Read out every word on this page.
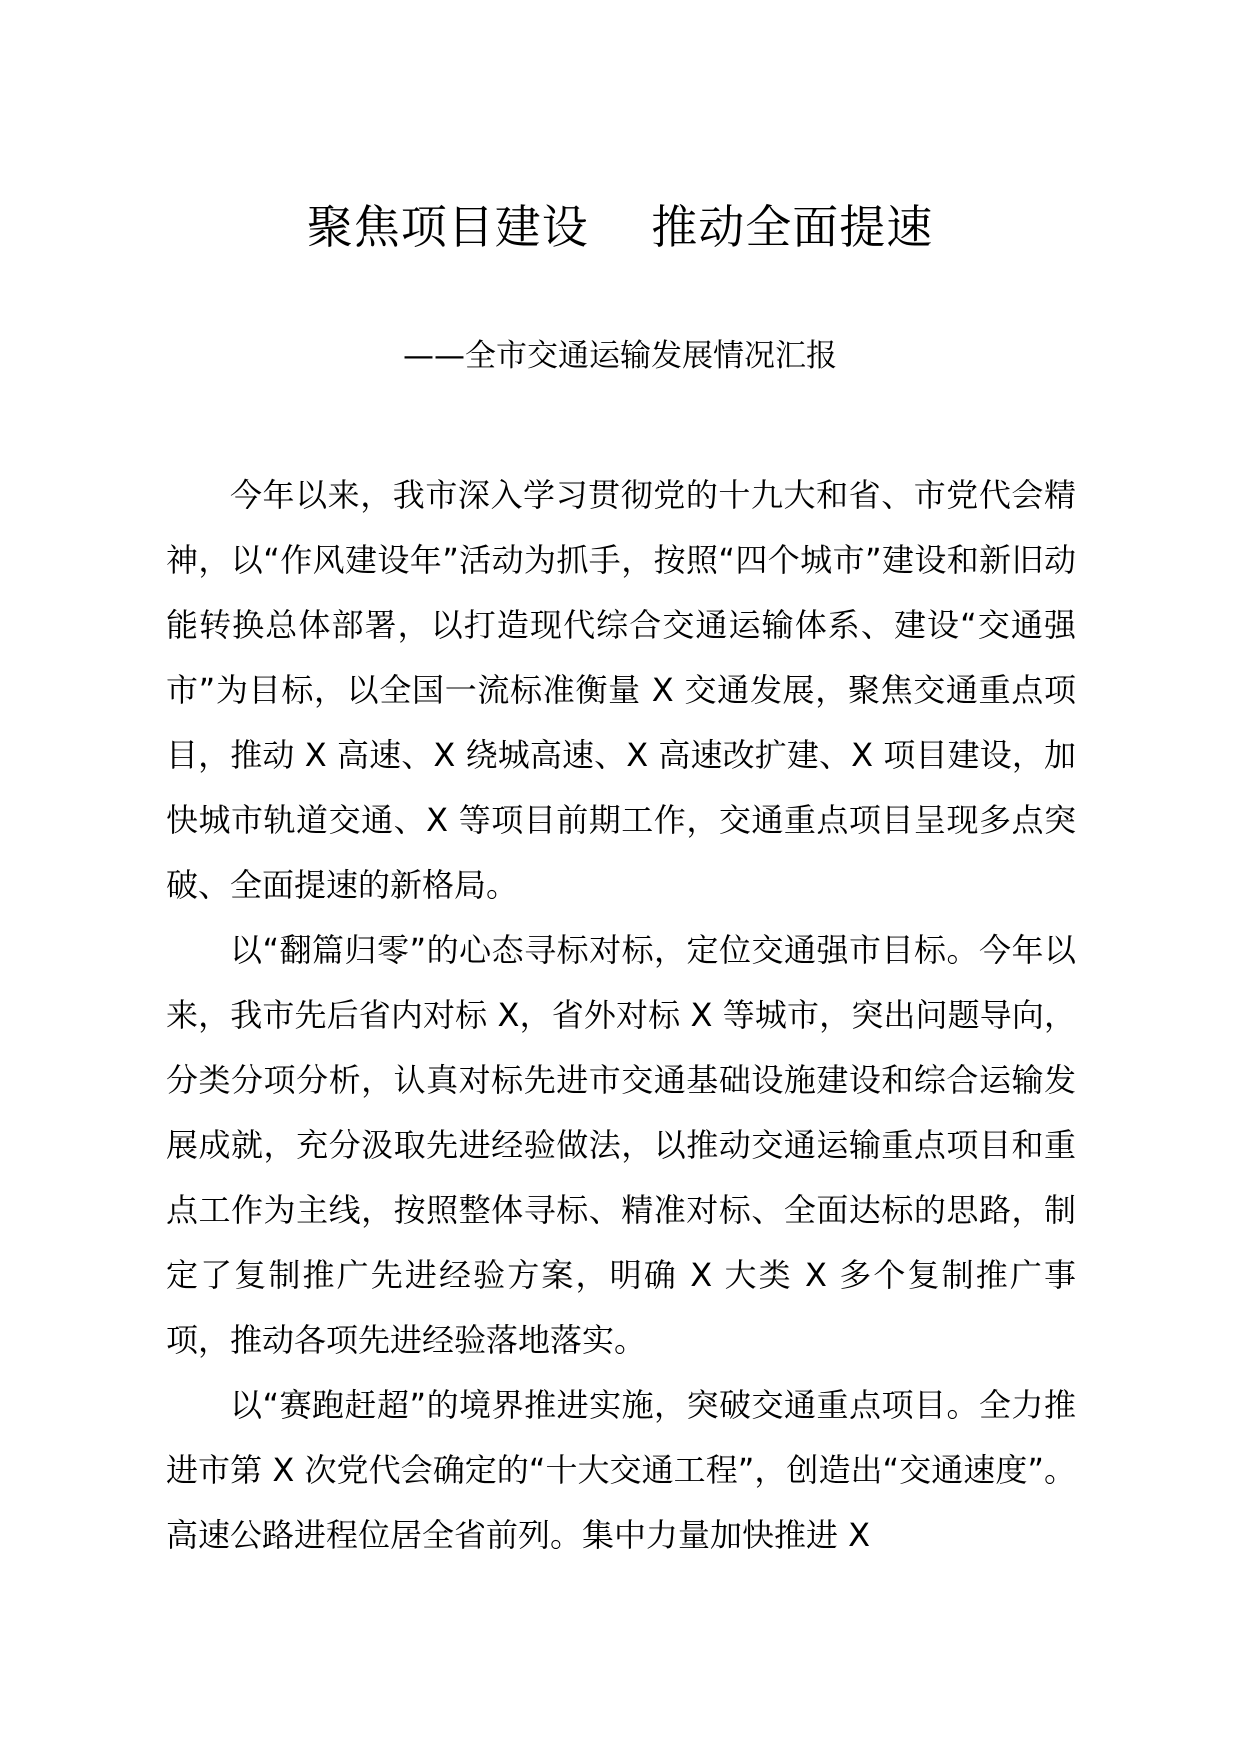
聚焦项目建设    推动全面提速
——全市交通运输发展情况汇报

今年以来，我市深入学习贯彻党的十九大和省、市党代会精神，以“作风建设年”活动为抓手，按照“四个城市”建设和新旧动能转换总体部署，以打造现代综合交通运输体系、建设“交通强市”为目标，以全国一流标准衡量 X 交通发展，聚焦交通重点项目，推动 X 高速、X 绕城高速、X 高速改扩建、X 项目建设，加快城市轨道交通、X 等项目前期工作，交通重点项目呈现多点突破、全面提速的新格局。

以“翻篇归零”的心态寻标对标，定位交通强市目标。今年以来，我市先后省内对标 X，省外对标 X 等城市，突出问题导向，分类分项分析，认真对标先进市交通基础设施建设和综合运输发展成就，充分汲取先进经验做法，以推动交通运输重点项目和重点工作为主线，按照整体寻标、精准对标、全面达标的思路，制定了复制推广先进经验方案，明确 X 大类 X 多个复制推广事项，推动各项先进经验落地落实。

以“赛跑赶超”的境界推进实施，突破交通重点项目。全力推进市第 X 次党代会确定的“十大交通工程”，创造出“交通速度”。高速公路进程位居全省前列。集中力量加快推进 X
